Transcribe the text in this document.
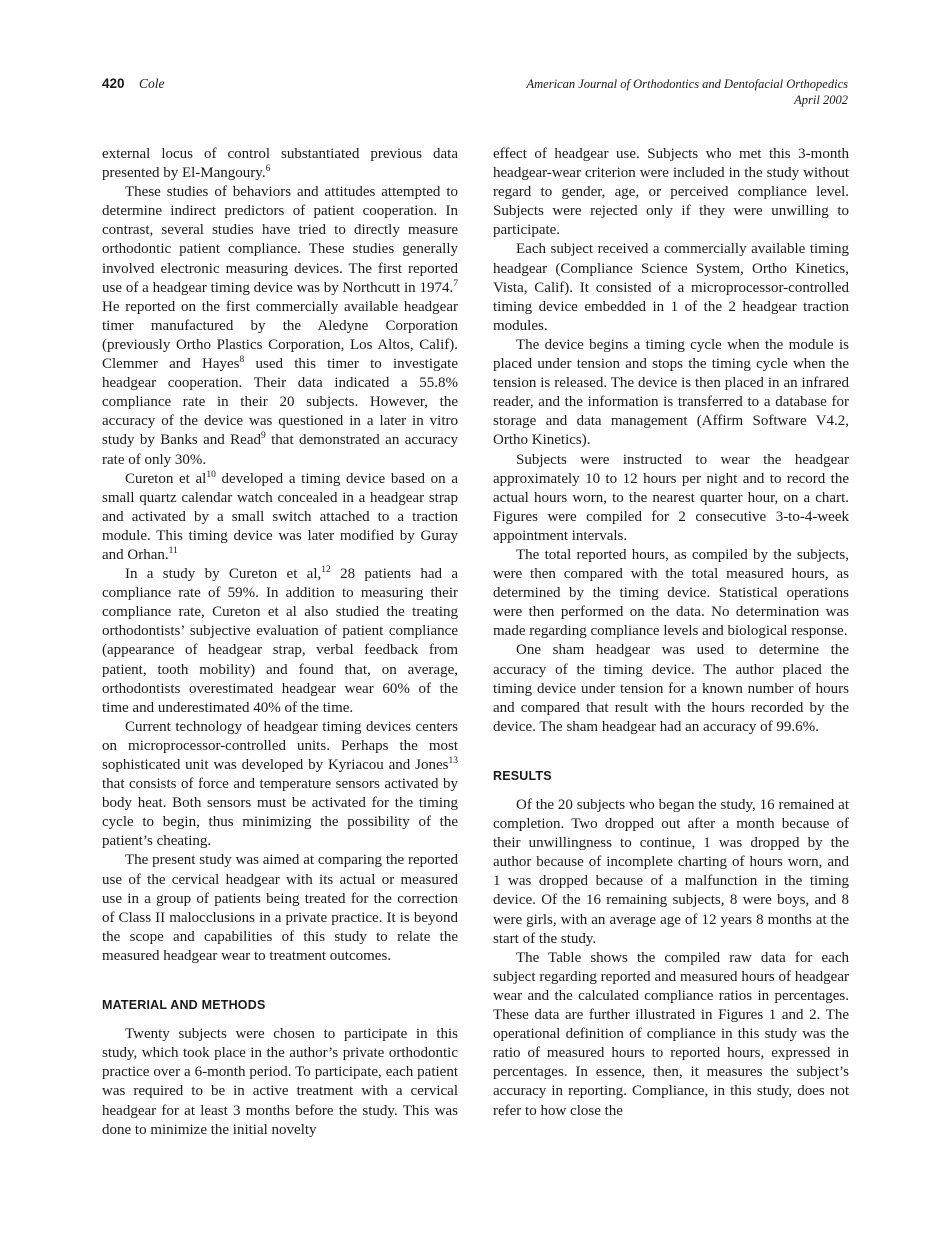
420 Cole	American Journal of Orthodontics and Dentofacial Orthopedics
April 2002

external locus of control substantiated previous data presented by El-Mangoury.$^6$

These studies of behaviors and attitudes attempted to determine indirect predictors of patient cooperation. In contrast, several studies have tried to directly measure orthodontic patient compliance. These studies generally involved electronic measuring devices. The first reported use of a headgear timing device was by Northcutt in 1974.$^7$ He reported on the first commercially available headgear timer manufactured by the Aledyne Corporation (previously Ortho Plastics Corporation, Los Altos, Calif). Clemmer and Hayes$^8$ used this timer to investigate headgear cooperation. Their data indicated a 55.8% compliance rate in their 20 subjects. However, the accuracy of the device was questioned in a later in vitro study by Banks and Read$^9$ that demonstrated an accuracy rate of only 30%.

Cureton et $al^{10}$ developed a timing device based on a small quartz calendar watch concealed in a headgear strap and activated by a small switch attached to a traction module. This timing device was later modified by Guray and Orhan.$^{11}$

In a study by Cureton et al,$^{12}$ 28 patients had a compliance rate of 59%. In addition to measuring their compliance rate, Cureton et al also studied the treating orthodontists’ subjective evaluation of patient compliance (appearance of headgear strap, verbal feedback from patient, tooth mobility) and found that, on average, orthodontists overestimated headgear wear 60% of the time and underestimated 40% of the time.

Current technology of headgear timing devices centers on microprocessor-controlled units. Perhaps the most sophisticated unit was developed by Kyriacou and Jones$^{13}$ that consists of force and temperature sensors activated by body heat. Both sensors must be activated for the timing cycle to begin, thus minimizing the possibility of the patient’s cheating.

The present study was aimed at comparing the reported use of the cervical headgear with its actual or measured use in a group of patients being treated for the correction of Class II malocclusions in a private practice. It is beyond the scope and capabilities of this study to relate the measured headgear wear to treatment outcomes.

MATERIAL AND METHODS

Twenty subjects were chosen to participate in this study, which took place in the author’s private orthodontic practice over a 6-month period. To participate, each patient was required to be in active treatment with a cervical headgear for at least 3 months before the study. This was done to minimize the initial novelty

effect of headgear use. Subjects who met this 3-month headgear-wear criterion were included in the study without regard to gender, age, or perceived compliance level. Subjects were rejected only if they were unwilling to participate.

Each subject received a commercially available timing headgear (Compliance Science System, Ortho Kinetics, Vista, Calif). It consisted of a microprocessor-controlled timing device embedded in 1 of the 2 headgear traction modules.

The device begins a timing cycle when the module is placed under tension and stops the timing cycle when the tension is released. The device is then placed in an infrared reader, and the information is transferred to a database for storage and data management (Affirm Software V4.2, Ortho Kinetics).

Subjects were instructed to wear the headgear approximately 10 to 12 hours per night and to record the actual hours worn, to the nearest quarter hour, on a chart. Figures were compiled for 2 consecutive 3-to-4-week appointment intervals.

The total reported hours, as compiled by the subjects, were then compared with the total measured hours, as determined by the timing device. Statistical operations were then performed on the data. No determination was made regarding compliance levels and biological response.

One sham headgear was used to determine the accuracy of the timing device. The author placed the timing device under tension for a known number of hours and compared that result with the hours recorded by the device. The sham headgear had an accuracy of 99.6%.

RESULTS

Of the 20 subjects who began the study, 16 remained at completion. Two dropped out after a month because of their unwillingness to continue, 1 was dropped by the author because of incomplete charting of hours worn, and 1 was dropped because of a malfunction in the timing device. Of the 16 remaining subjects, 8 were boys, and 8 were girls, with an average age of 12 years 8 months at the start of the study.

The Table shows the compiled raw data for each subject regarding reported and measured hours of headgear wear and the calculated compliance ratios in percentages. These data are further illustrated in Figures 1 and 2. The operational definition of compliance in this study was the ratio of measured hours to reported hours, expressed in percentages. In essence, then, it measures the subject’s accuracy in reporting. Compliance, in this study, does not refer to how close the
